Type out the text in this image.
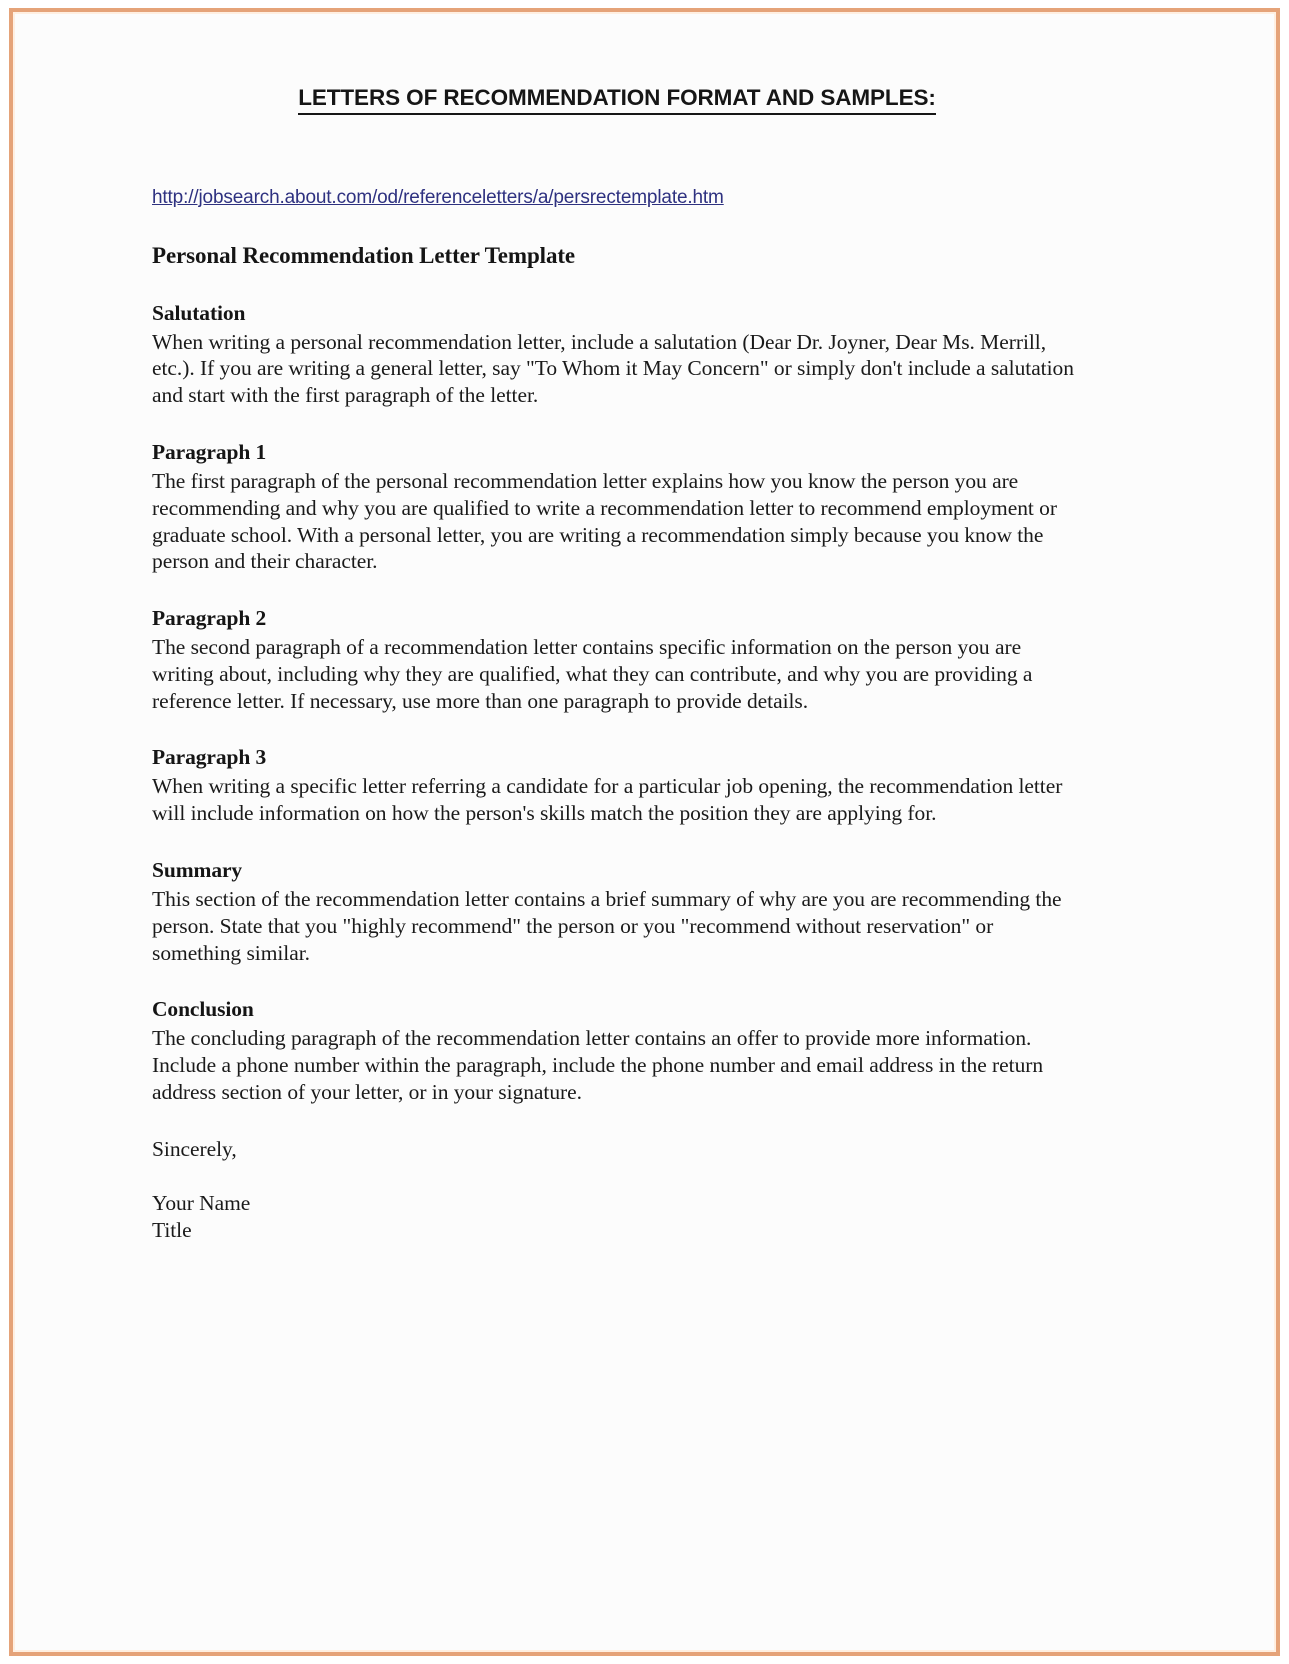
LETTERS OF RECOMMENDATION FORMAT AND SAMPLES:

http://jobsearch.about.com/od/referenceletters/a/persrectemplate.htm

Personal Recommendation Letter Template
Salutation

When writing a personal recommendation letter, include a salutation (Dear Dr. Joyner, Dear Ms. Merrill, etc.). If you are writing a general letter, say "To Whom it May Concern" or simply don't include a salutation and start with the first paragraph of the letter.

Paragraph 1

The first paragraph of the personal recommendation letter explains how you know the person you are recommending and why you are qualified to write a recommendation letter to recommend employment or graduate school. With a personal letter, you are writing a recommendation simply because you know the person and their character.

Paragraph 2

The second paragraph of a recommendation letter contains specific information on the person you are writing about, including why they are qualified, what they can contribute, and why you are providing a reference letter. If necessary, use more than one paragraph to provide details.

Paragraph 3

When writing a specific letter referring a candidate for a particular job opening, the recommendation letter will include information on how the person's skills match the position they are applying for.

Summary

This section of the recommendation letter contains a brief summary of why are you are recommending the person. State that you "highly recommend" the person or you "recommend without reservation" or something similar.

Conclusion

The concluding paragraph of the recommendation letter contains an offer to provide more information. Include a phone number within the paragraph, include the phone number and email address in the return address section of your letter, or in your signature.

Sincerely,

Your Name
Title
